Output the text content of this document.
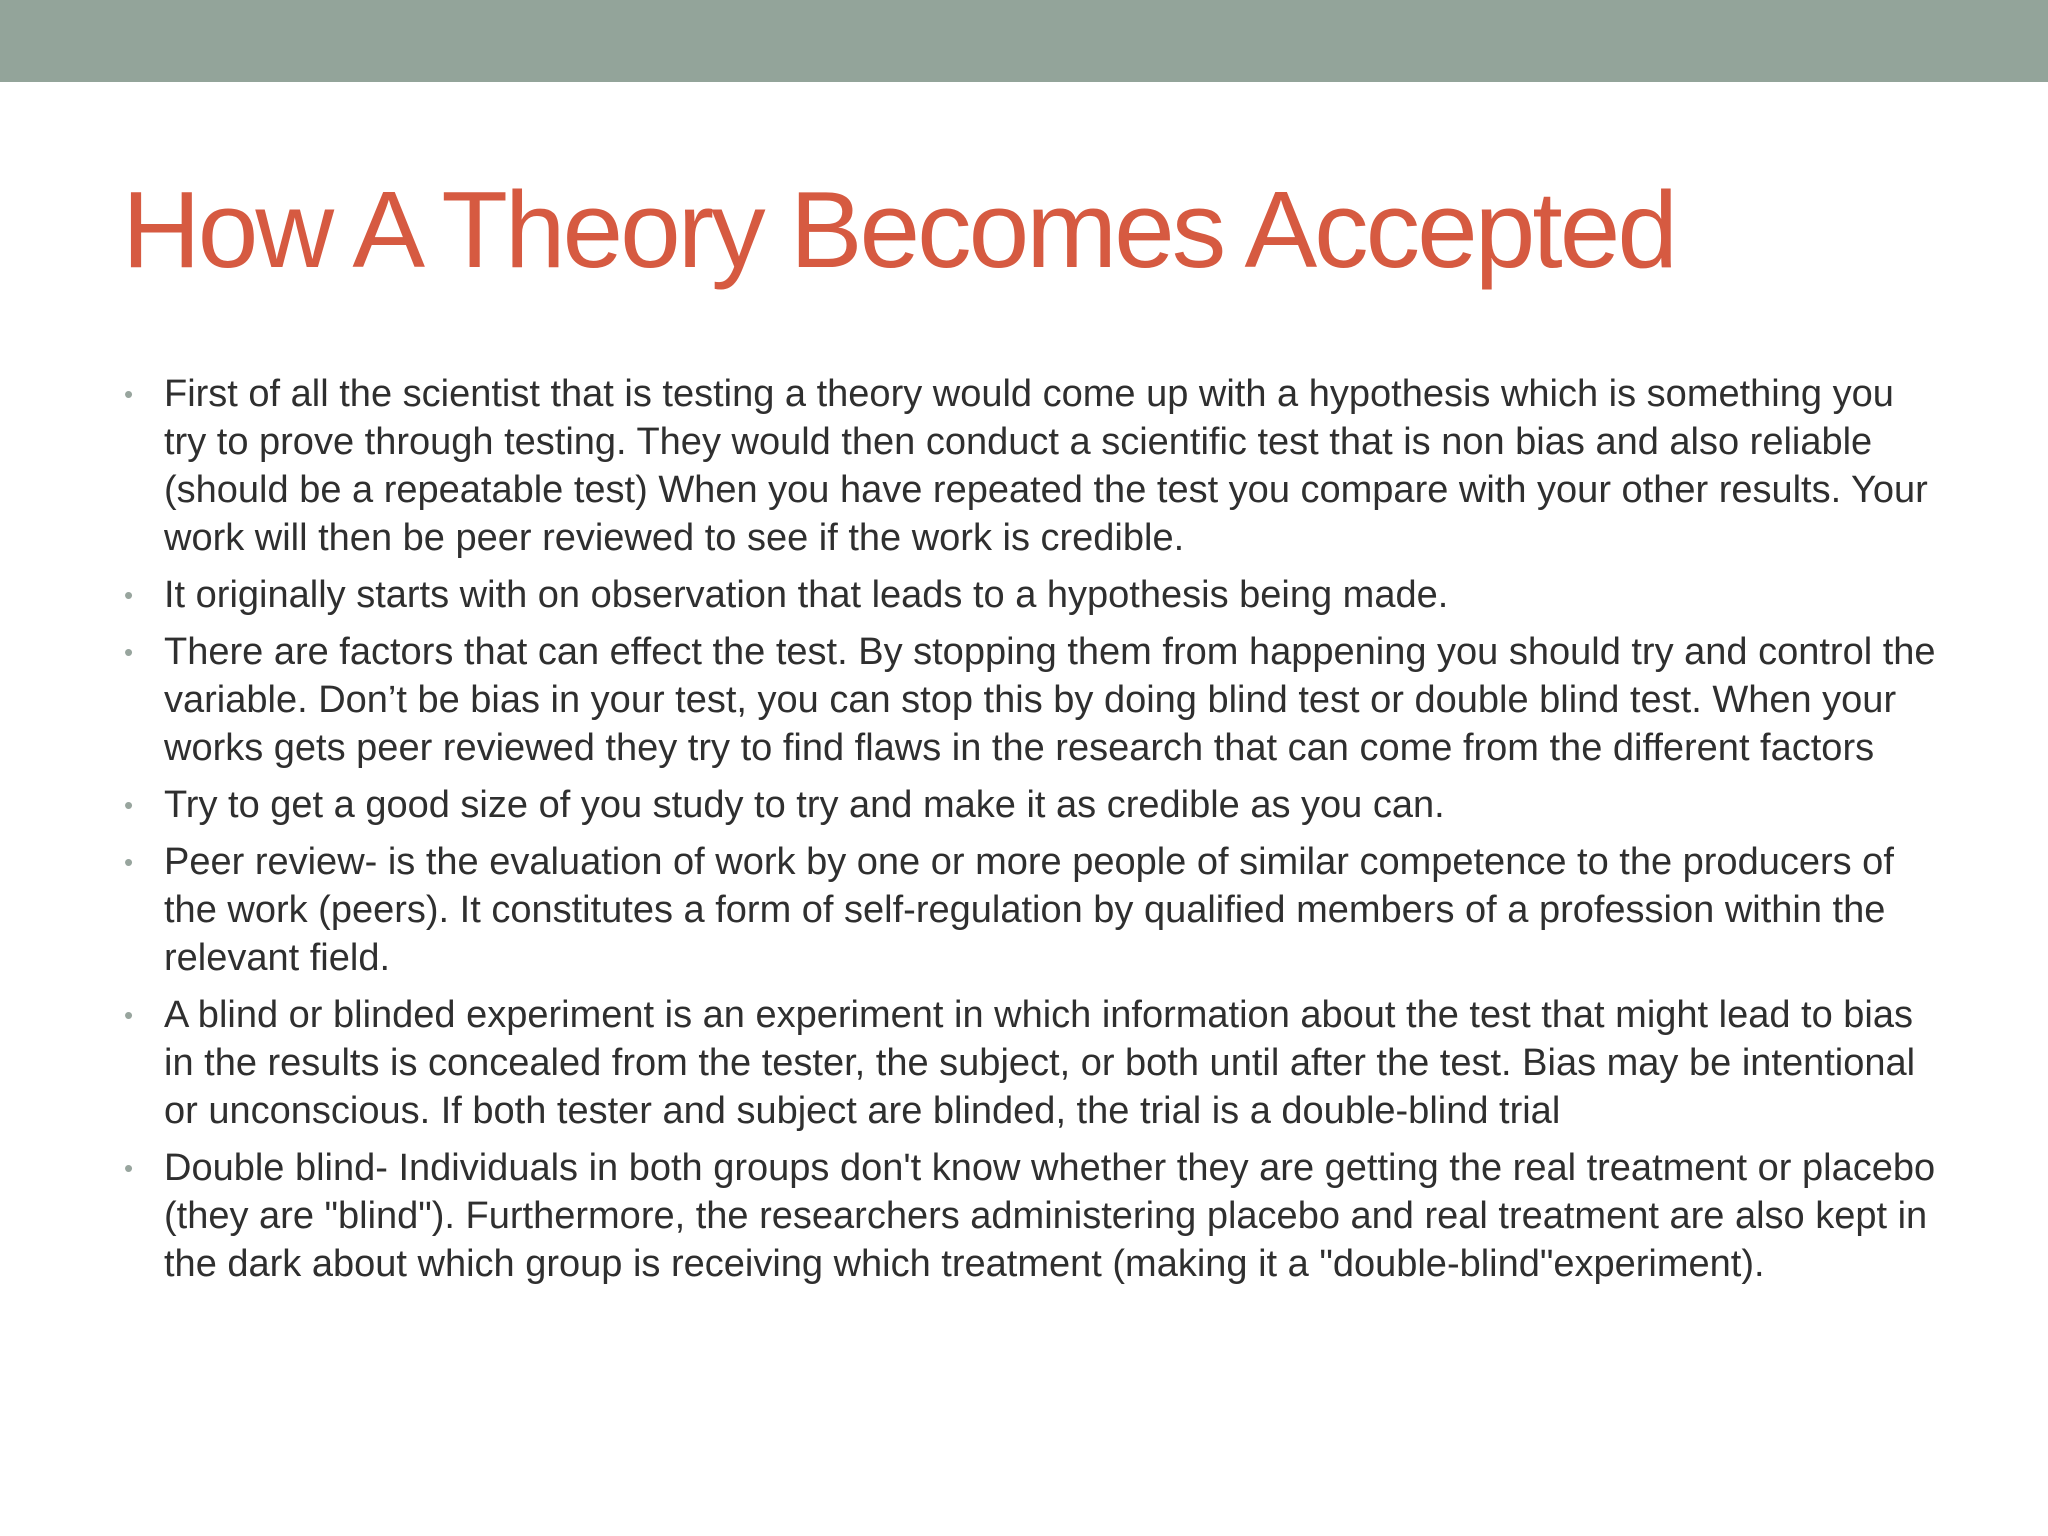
How A Theory Becomes Accepted
• First of all the scientist that is testing a theory would come up with a hypothesis which is something you try to prove through testing. They would then conduct a scientific test that is non bias and also reliable (should be a repeatable test) When you have repeated the test you compare with your other results. Your work will then be peer reviewed to see if the work is credible.
• It originally starts with on observation that leads to a hypothesis being made.
• There are factors that can effect the test. By stopping them from happening you should try and control the variable. Don’t be bias in your test, you can stop this by doing blind test or double blind test. When your works gets peer reviewed they try to find flaws in the research that can come from the different factors
• Try to get a good size of you study to try and make it as credible as you can.
• Peer review- is the evaluation of work by one or more people of similar competence to the producers of the work (peers). It constitutes a form of self-regulation by qualified members of a profession within the relevant field.
• A blind or blinded experiment is an experiment in which information about the test that might lead to bias in the results is concealed from the tester, the subject, or both until after the test. Bias may be intentional or unconscious. If both tester and subject are blinded, the trial is a double-blind trial
• Double blind- Individuals in both groups don't know whether they are getting the real treatment or placebo (they are "blind"). Furthermore, the researchers administering placebo and real treatment are also kept in the dark about which group is receiving which treatment (making it a "double-blind"experiment).
